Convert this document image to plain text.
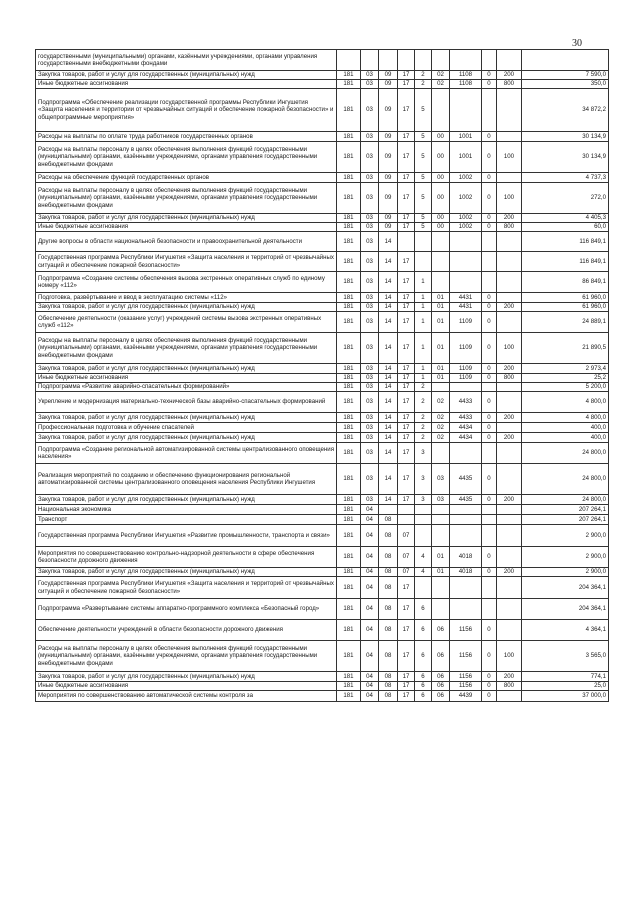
30
государственными (муниципальными) органами, казёнными учреждениями, органами управления государственными внебюджетными фондами										
Закупка товаров, работ и услуг для государственных (муниципальных) нужд	181	03	09	17	2	02	1108	0	200	7 590,0
Иные бюджетные ассигнования	181	03	09	17	2	02	1108	0	800	350,0
Подпрограмма «Обеспечение реализации государственной программы Республики Ингушетия «Защита населения и территории от чрезвычайных ситуаций и обеспечение пожарной безопасности» и общепрограммные мероприятия»	181	03	09	17	5					34 872,2
Расходы на выплаты по оплате труда работников государственных органов	181	03	09	17	5	00	1001	0		30 134,9
Расходы на выплаты персоналу в целях обеспечения выполнения функций государственными (муниципальными) органами, казёнными учреждениями, органами управления государственными внебюджетными фондами	181	03	09	17	5	00	1001	0	100	30 134,9
Расходы на обеспечение функций государственных органов	181	03	09	17	5	00	1002	0		4 737,3
Расходы на выплаты персоналу в целях обеспечения выполнения функций государственными (муниципальными) органами, казёнными учреждениями, органами управления государственными внебюджетными фондами	181	03	09	17	5	00	1002	0	100	272,0
Закупка товаров, работ и услуг для государственных (муниципальных) нужд	181	03	09	17	5	00	1002	0	200	4 405,3
Иные бюджетные ассигнования	181	03	09	17	5	00	1002	0	800	60,0
Другие вопросы в области национальной безопасности и правоохранительной деятельности	181	03	14							116 849,1
Государственная программа Республики Ингушетия «Защита населения и территорий от чрезвычайных ситуаций и обеспечение пожарной безопасности»	181	03	14	17						116 849,1
Подпрограмма «Создание системы обеспечения вызова экстренных оперативных служб по единому номеру «112»	181	03	14	17	1					86 849,1
Подготовка, развёртывание и ввод в эксплуатацию системы «112»	181	03	14	17	1	01	4431	0		61 960,0
Закупка товаров, работ и услуг для государственных (муниципальных) нужд	181	03	14	17	1	01	4431	0	200	61 960,0
Обеспечение деятельности (оказание услуг) учреждений системы вызова экстренных оперативных служб «112»	181	03	14	17	1	01	1109	0		24 889,1
Расходы на выплаты персоналу в целях обеспечения выполнения функций государственными (муниципальными) органами, казёнными учреждениями, органами управления государственными внебюджетными фондами	181	03	14	17	1	01	1109	0	100	21 890,5
Закупка товаров, работ и услуг для государственных (муниципальных) нужд	181	03	14	17	1	01	1109	0	200	2 973,4
Иные бюджетные ассигнования	181	03	14	17	1	01	1109	0	800	25,2
Подпрограмма «Развитие аварийно-спасательных формирований»	181	03	14	17	2					5 200,0
Укрепление и модернизация материально-технической базы аварийно-спасательных формирований	181	03	14	17	2	02	4433	0		4 800,0
Закупка товаров, работ и услуг для государственных (муниципальных) нужд	181	03	14	17	2	02	4433	0	200	4 800,0
Профессиональная подготовка и обучение спасателей	181	03	14	17	2	02	4434	0		400,0
Закупка товаров, работ и услуг для государственных (муниципальных) нужд	181	03	14	17	2	02	4434	0	200	400,0
Подпрограмма «Создание региональной автоматизированной системы централизованного оповещения населения»	181	03	14	17	3					24 800,0
Реализация мероприятий по созданию и обеспечению функционирования региональной автоматизированной системы централизованного оповещения населения Республики Ингушетия	181	03	14	17	3	03	4435	0		24 800,0
Закупка товаров, работ и услуг для государственных (муниципальных) нужд	181	03	14	17	3	03	4435	0	200	24 800,0
Национальная экономика	181	04								207 264,1
Транспорт	181	04	08							207 264,1
Государственная программа Республики Ингушетия «Развитие промышленности, транспорта и связи»	181	04	08	07						2 900,0
Мероприятия по совершенствованию контрольно-надзорной деятельности в сфере обеспечения безопасности дорожного движения	181	04	08	07	4	01	4018	0		2 900,0
Закупка товаров, работ и услуг для государственных (муниципальных) нужд	181	04	08	07	4	01	4018	0	200	2 900,0
Государственная программа Республики Ингушетия «Защита населения и территорий от чрезвычайных ситуаций и обеспечение пожарной безопасности»	181	04	08	17						204 364,1
Подпрограмма «Развертывание системы аппаратно-программного комплекса «Безопасный город»	181	04	08	17	6					204 364,1
Обеспечение деятельности учреждений в области безопасности дорожного движения	181	04	08	17	6	06	1156	0		4 364,1
Расходы на выплаты персоналу в целях обеспечения выполнения функций государственными (муниципальными) органами, казёнными учреждениями, органами управления государственными внебюджетными фондами	181	04	08	17	6	06	1156	0	100	3 565,0
Закупка товаров, работ и услуг для государственных (муниципальных) нужд	181	04	08	17	6	06	1156	0	200	774,1
Иные бюджетные ассигнования	181	04	08	17	6	06	1156	0	800	25,0
Мероприятия по совершенствованию автоматической системы контроля за	181	04	08	17	6	06	4439	0		37 000,0
